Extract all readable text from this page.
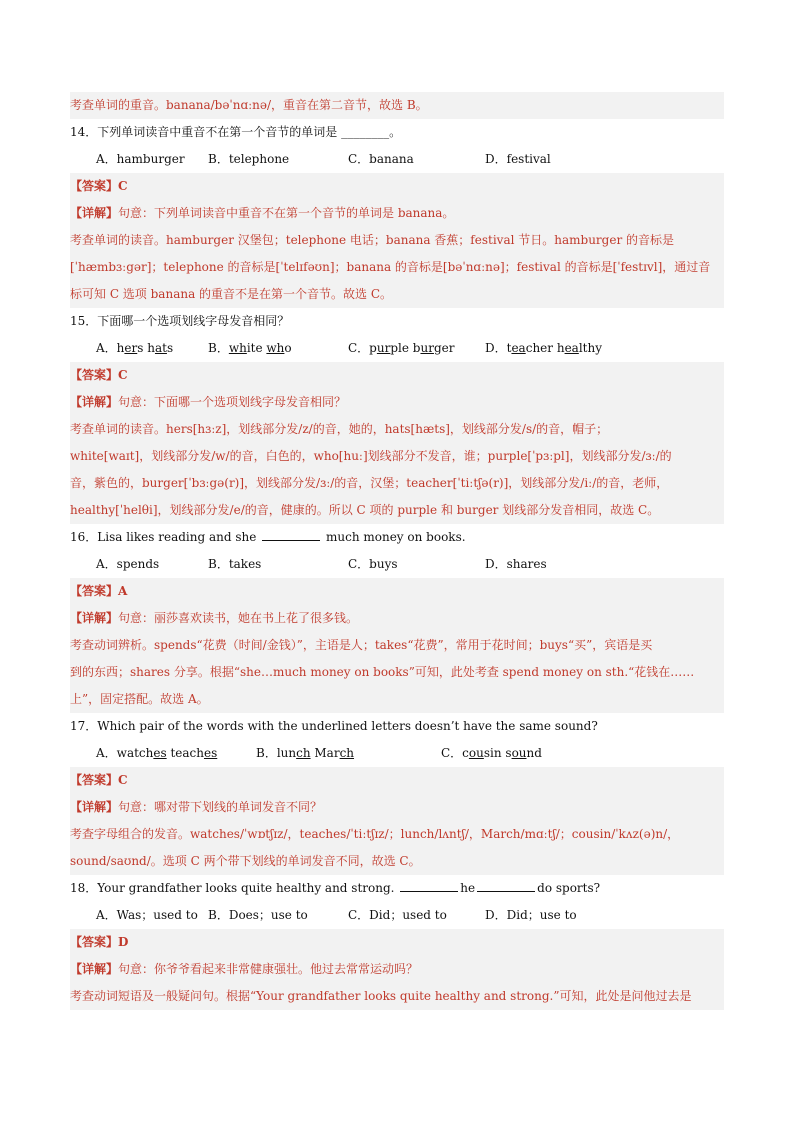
考查单词的重音。banana/bəˈnɑːnə/，重音在第二音节，故选 B。
14．下列单词读音中重音不在第一个音节的单词是 ________。
A．hamburger	B．telephone	C．banana	D．festival
【答案】C
【详解】句意：下列单词读音中重音不在第一个音节的单词是 banana。
考查单词的读音。hamburger 汉堡包；telephone 电话；banana 香蕉；festival 节日。hamburger 的音标是
[ˈhæmbɜːgər]；telephone 的音标是[ˈtelɪfəʊn]；banana 的音标是[bəˈnɑːnə]；festival 的音标是[ˈfestɪvl]，通过音
标可知 C 选项 banana 的重音不是在第一个音节。故选 C。
15．下面哪一个选项划线字母发音相同？
A．hers hats	B．white who	C．purple burger	D．teacher healthy
【答案】C
【详解】句意：下面哪一个选项划线字母发音相同？
考查单词的读音。hers[hɜːz]，划线部分发/z/的音，她的，hats[hæts]，划线部分发/s/的音，帽子；
white[waɪt]，划线部分发/w/的音，白色的，who[huː]划线部分不发音，谁；purple[ˈpɜːpl]，划线部分发/ɜː/的
音，紫色的，burger[ˈbɜːgə(r)]，划线部分发/ɜː/的音，汉堡；teacher[ˈtiːtʃə(r)]，划线部分发/iː/的音，老师，
healthy[ˈhelθi]，划线部分发/e/的音，健康的。所以 C 项的 purple 和 burger 划线部分发音相同，故选 C。
16．Lisa likes reading and she	much money on books.
A．spends	B．takes	C．buys	D．shares
【答案】A
【详解】句意：丽莎喜欢读书，她在书上花了很多钱。
考查动词辨析。spends“花费（时间/金钱）”，主语是人；takes“花费”，常用于花时间；buys“买”，宾语是买
到的东西；shares 分享。根据“she…much money on books”可知，此处考查 spend money on sth.“花钱在……
上”，固定搭配。故选 A。
17．Which pair of the words with the underlined letters doesn’t have the same sound?
A．watches teaches	B．lunch March	C．cousin sound
【答案】C
【详解】句意：哪对带下划线的单词发音不同？
考查字母组合的发音。watches/ˈwɒtʃɪz/，teaches/ˈtiːtʃɪz/；lunch/lʌntʃ/，March/mɑːtʃ/；cousin/ˈkʌz(ə)n/，
sound/saʊnd/。选项 C 两个带下划线的单词发音不同，故选 C。
18．Your grandfather looks quite healthy and strong.	he	do sports?
A．Was；used to B．Does；use to	C．Did；used to	D．Did；use to
【答案】D
【详解】句意：你爷爷看起来非常健康强壮。他过去常常运动吗？
考查动词短语及一般疑问句。根据“Your grandfather looks quite healthy and strong.”可知，此处是问他过去是
